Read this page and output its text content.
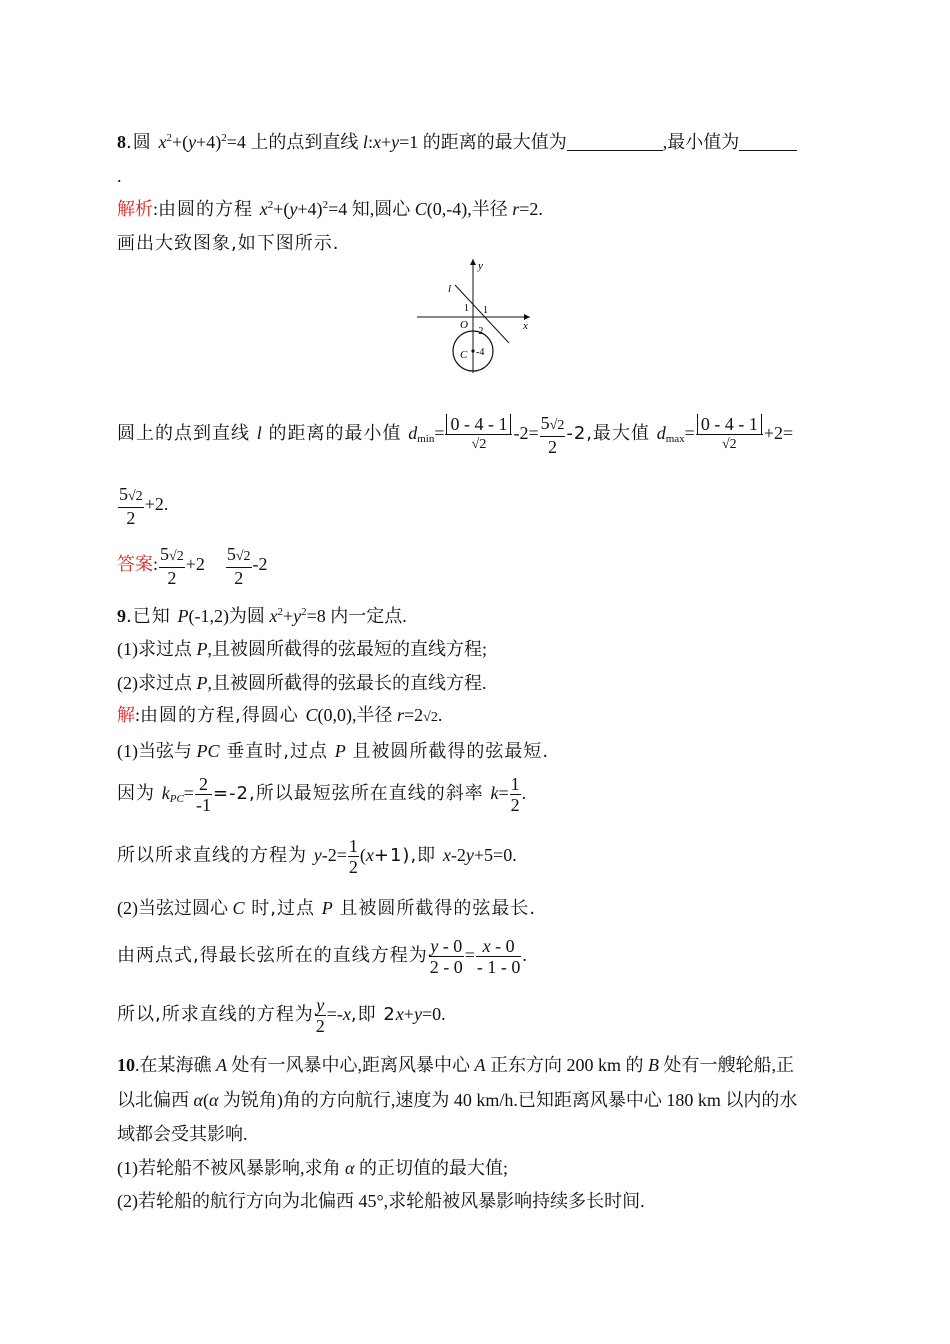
8.圆 $x^2+(y+4)^2=4$ 上的点到直线 l:x+y=1 的距离的最大值为	,最小值为
.
解析:由圆的方程 $x^2+(y+4)^2=4$ 知,圆心 C(0,-4),半径 r=2.
画出大致图象,如下图所示.
y
x
l
1 1
O
-2
C -4
圆上的点到直线 l 的距离的最小值 $d_{min}= \frac{0 - 4 - 1}{√2} -2= \frac{5√2}{2} -2$,最大值 $d_{max}= \frac{0 - 4 - 1}{√2} +2=$
$\frac{5√2}{2} +2$.
答案: $\frac{5√2}{2} +2 \frac{5√2}{2} -2$
9.已知 P(-1,2)为圆 $x^2+y^2=8$ 内一定点.
(1)求过点 P,且被圆所截得的弦最短的直线方程;
(2)求过点 P,且被圆所截得的弦最长的直线方程.
解:由圆的方程,得圆心 C(0,0),半径 r=2√2.
(1)当弦与 PC 垂直时,过点 P 且被圆所截得的弦最短.
因为 $k_{PC}= \frac{2}{-1} =-2$,所以最短弦所在直线的斜率 $k= \frac{1}{2}$ .
所以所求直线的方程为 $y-2= \frac{1}{2} (x+1)$,即 x-2y+5=0.
(2)当弦过圆心 C 时,过点 P 且被圆所截得的弦最长.
由两点式,得最长弦所在的直线方程为 $\frac{y - 0}{2 - 0} = \frac{x - 0}{- 1 - 0}$ .
所以,所求直线的方程为 $\frac{y}{2} =-x$,即 2x+y=0.
10.在某海礁 A 处有一风暴中心,距离风暴中心 A 正东方向 200 km 的 B 处有一艘轮船,正
以北偏西 α(α 为锐角)角的方向航行,速度为 40 km/h.已知距离风暴中心 180 km 以内的水
域都会受其影响.
(1)若轮船不被风暴影响,求角 α 的正切值的最大值;
(2)若轮船的航行方向为北偏西 45°,求轮船被风暴影响持续多长时间.
